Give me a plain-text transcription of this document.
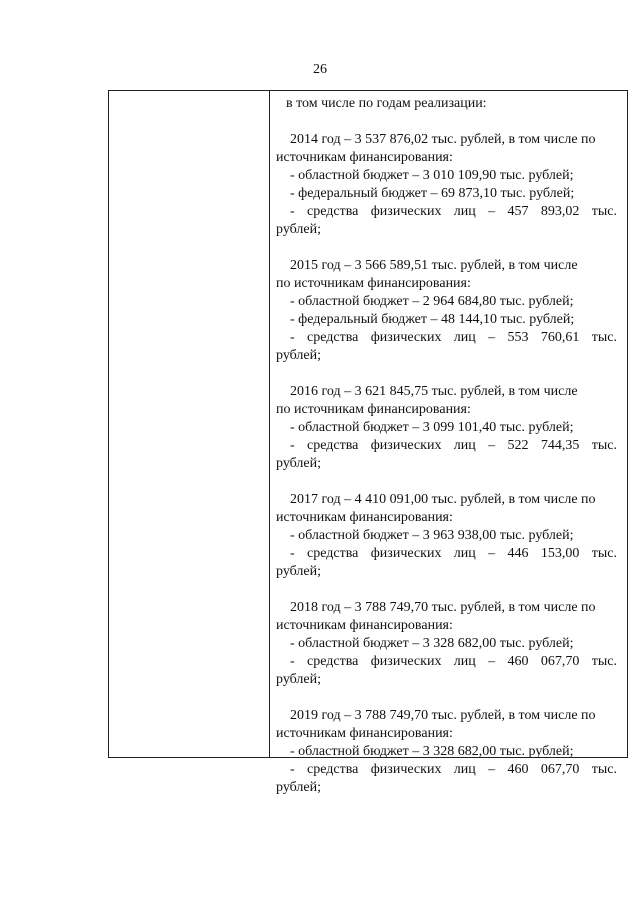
26
в том числе по годам реализации:
2014 год – 3 537 876,02 тыс. рублей, в том числе по
источникам финансирования:
- областной бюджет – 3 010 109,90 тыс. рублей;
- федеральный бюджет – 69 873,10 тыс. рублей;
- средства физических лиц – 457 893,02 тыс.
рублей;
2015 год – 3 566 589,51 тыс. рублей, в том числе
по источникам финансирования:
- областной бюджет – 2 964 684,80 тыс. рублей;
- федеральный бюджет – 48 144,10 тыс. рублей;
- средства физических лиц – 553 760,61 тыс.
рублей;
2016 год – 3 621 845,75 тыс. рублей, в том числе
по источникам финансирования:
- областной бюджет – 3 099 101,40 тыс. рублей;
- средства физических лиц – 522 744,35 тыс.
рублей;
2017 год – 4 410 091,00 тыс. рублей, в том числе по
источникам финансирования:
- областной бюджет – 3 963 938,00 тыс. рублей;
- средства физических лиц – 446 153,00 тыс.
рублей;
2018 год – 3 788 749,70 тыс. рублей, в том числе по
источникам финансирования:
- областной бюджет – 3 328 682,00 тыс. рублей;
- средства физических лиц – 460 067,70 тыс.
рублей;
2019 год – 3 788 749,70 тыс. рублей, в том числе по
источникам финансирования:
- областной бюджет – 3 328 682,00 тыс. рублей;
- средства физических лиц – 460 067,70 тыс.
рублей;
